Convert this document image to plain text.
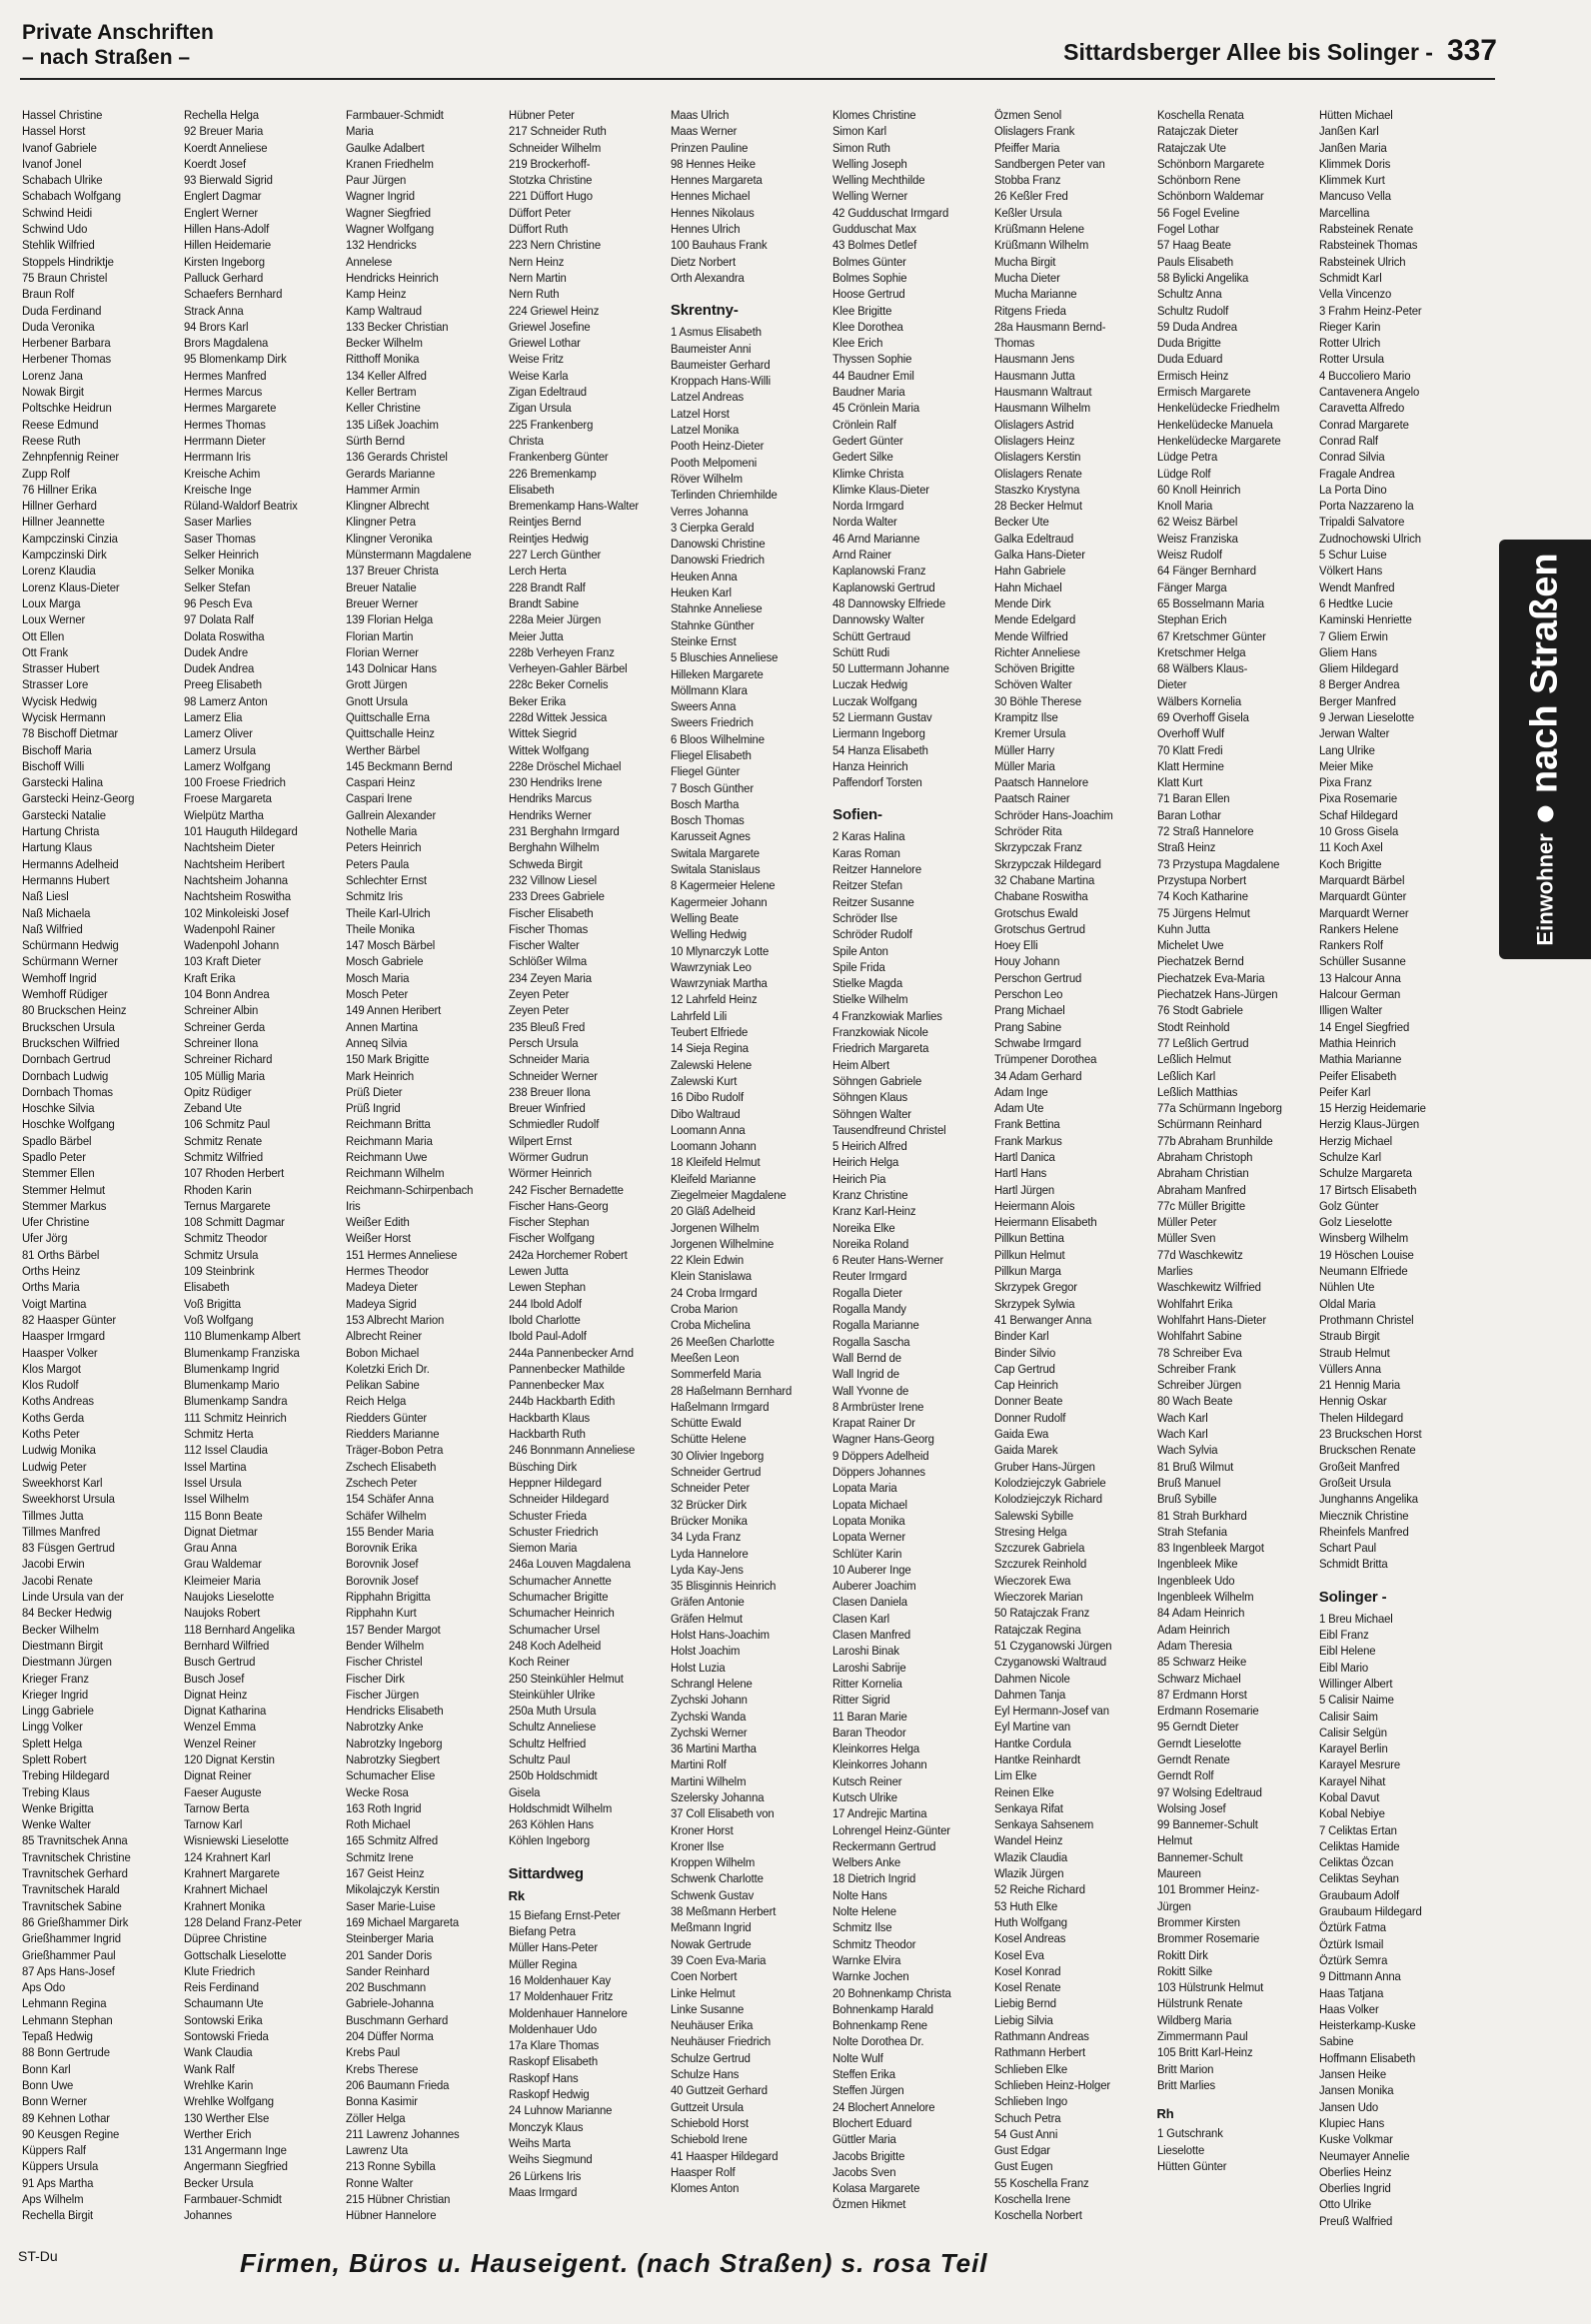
Private Anschriften
– nach Straßen –	Sittardsberger Allee bis Solinger - 337
Hassel Christine
Hassel Horst
Ivanof Gabriele
Ivanof Jonel
Schabach Ulrike
Schabach Wolfgang
Schwind Heidi
Schwind Udo
Stehlik Wilfried
Stoppels Hindriktje
75 Braun Christel
Braun Rolf
Duda Ferdinand
Duda Veronika
Herbener Barbara
Herbener Thomas
Lorenz Jana
Nowak Birgit
Poltschke Heidrun
Reese Edmund
Reese Ruth
Zehnpfennig Reiner
Zupp Rolf
76 Hillner Erika
Hillner Gerhard
Hillner Jeannette
Kampczinski Cinzia
Kampczinski Dirk
Lorenz Klaudia
Lorenz Klaus-Dieter
Loux Marga
Loux Werner
Ott Ellen
Ott Frank
Strasser Hubert
Strasser Lore
Wycisk Hedwig
Wycisk Hermann
78 Bischoff Dietmar
Bischoff Maria
Bischoff Willi
Garstecki Halina
Garstecki Heinz-Georg
Garstecki Natalie
Hartung Christa
Hartung Klaus
Hermanns Adelheid
Hermanns Hubert
Naß Liesl
Naß Michaela
Naß Wilfried
Schürmann Hedwig
Schürmann Werner
Wemhoff Ingrid
Wemhoff Rüdiger
80 Bruckschen Heinz
Bruckschen Ursula
Bruckschen Wilfried
Dornbach Gertrud
Dornbach Ludwig
Dornbach Thomas
Hoschke Silvia
Hoschke Wolfgang
Spadlo Bärbel
Spadlo Peter
Stemmer Ellen
Stemmer Helmut
Stemmer Markus
Ufer Christine
Ufer Jörg
81 Orths Bärbel
Orths Heinz
Orths Maria
Voigt Martina
82 Haasper Günter
Haasper Irmgard
Haasper Volker
Klos Margot
Klos Rudolf
Koths Andreas
Koths Gerda
Koths Peter
Ludwig Monika
Ludwig Peter
Sweekhorst Karl
Sweekhorst Ursula
Tillmes Jutta
Tillmes Manfred
83 Füsgen Gertrud
Jacobi Erwin
Jacobi Renate
Linde Ursula van der
84 Becker Hedwig
Becker Wilhelm
Diestmann Birgit
Diestmann Jürgen
Krieger Franz
Krieger Ingrid
Lingg Gabriele
Lingg Volker
Splett Helga
Splett Robert
Trebing Hildegard
Trebing Klaus
Wenke Brigitta
Wenke Walter
85 Travnitschek Anna
Travnitschek Christine
Travnitschek Gerhard
Travnitschek Harald
Travnitschek Sabine
86 Grießhammer Dirk
Grießhammer Ingrid
Grießhammer Paul
87 Aps Hans-Josef
Aps Odo
Lehmann Regina
Lehmann Stephan
Tepaß Hedwig
88 Bonn Gertrude
Bonn Karl
Bonn Uwe
Bonn Werner
89 Kehnen Lothar
90 Keusgen Regine
Küppers Ralf
Küppers Ursula
91 Aps Martha
Aps Wilhelm
Rechella Birgit
Rechella Helga
92 Breuer Maria
Koerdt Anneliese
Koerdt Josef
93 Bierwald Sigrid
Englert Dagmar
Englert Werner
Hillen Hans-Adolf
Hillen Heidemarie
Kirsten Ingeborg
Palluck Gerhard
Schaefers Bernhard
Strack Anna
94 Brors Karl
Brors Magdalena
95 Blomenkamp Dirk
Hermes Manfred
Hermes Marcus
Hermes Margarete
Hermes Thomas
Herrmann Dieter
Herrmann Iris
Kreische Achim
Kreische Inge
Rüland-Waldorf Beatrix
Saser Marlies
Saser Thomas
Selker Heinrich
Selker Monika
Selker Stefan
96 Pesch Eva
97 Dolata Ralf
Dolata Roswitha
Dudek Andre
Dudek Andrea
Preeg Elisabeth
98 Lamerz Anton
Lamerz Elia
Lamerz Oliver
Lamerz Ursula
Lamerz Wolfgang
100 Froese Friedrich
Froese Margareta
Wielpütz Martha
101 Hauguth Hildegard
Nachtsheim Dieter
Nachtsheim Heribert
Nachtsheim Johanna
Nachtsheim Roswitha
102 Minkoleiski Josef
Wadenpohl Rainer
Wadenpohl Johann
103 Kraft Dieter
Kraft Erika
104 Bonn Andrea
Schreiner Albin
Schreiner Gerda
Schreiner Ilona
Schreiner Richard
105 Müllig Maria
Opitz Rüdiger
Zeband Ute
106 Schmitz Paul
Schmitz Renate
Schmitz Wilfried
107 Rhoden Herbert
Rhoden Karin
Ternus Margarete
108 Schmitt Dagmar
Schmitz Theodor
Schmitz Ursula
109 Steinbrink
Elisabeth
Voß Brigitta
Voß Wolfgang
110 Blumenkamp Albert
Blumenkamp Franziska
Blumenkamp Ingrid
Blumenkamp Mario
Blumenkamp Sandra
111 Schmitz Heinrich
Schmitz Herta
112 Issel Claudia
Issel Martina
Issel Ursula
Issel Wilhelm
115 Bonn Beate
Dignat Dietmar
Grau Anna
Grau Waldemar
Kleimeier Maria
Naujoks Lieselotte
Naujoks Robert
118 Bernhard Angelika
Bernhard Wilfried
Busch Gertrud
Busch Josef
Dignat Heinz
Dignat Katharina
Wenzel Emma
Wenzel Reiner
120 Dignat Kerstin
Dignat Reiner
Faeser Auguste
Tarnow Berta
Tarnow Karl
Wisniewski Lieselotte
124 Krahnert Karl
Krahnert Margarete
Krahnert Michael
Krahnert Monika
128 Deland Franz-Peter
Düpree Christine
Gottschalk Lieselotte
Klute Friedrich
Reis Ferdinand
Schaumann Ute
Sontowski Erika
Sontowski Frieda
Wank Claudia
Wank Ralf
Wrehlke Karin
Wrehlke Wolfgang
130 Werther Else
Werther Erich
131 Angermann Inge
Angermann Siegfried
Becker Ursula
Farmbauer-Schmidt
Johannes
Farmbauer-Schmidt
Maria
Gaulke Adalbert
Kranen Friedhelm
Paur Jürgen
Wagner Ingrid
Wagner Siegfried
Wagner Wolfgang
132 Hendricks
Annelese
Hendricks Heinrich
Kamp Heinz
Kamp Waltraud
133 Becker Christian
Becker Wilhelm
Ritthoff Monika
134 Keller Alfred
Keller Bertram
Keller Christine
135 Lißek Joachim
Sürth Bernd
136 Gerards Christel
Gerards Marianne
Hammer Armin
Klingner Albrecht
Klingner Petra
Klingner Veronika
Münstermann Magdalene
137 Breuer Christa
Breuer Natalie
Breuer Werner
139 Florian Helga
Florian Martin
Florian Werner
143 Dolnicar Hans
Grott Jürgen
Gnott Ursula
Quittschalle Erna
Quittschalle Heinz
Werther Bärbel
145 Beckmann Bernd
Caspari Heinz
Caspari Irene
Gallrein Alexander
Nothelle Maria
Peters Heinrich
Peters Paula
Schlechter Ernst
Schmitz Iris
Theile Karl-Ulrich
Theile Monika
147 Mosch Bärbel
Mosch Gabriele
Mosch Maria
Mosch Peter
149 Annen Heribert
Annen Martina
Anneq Silvia
150 Mark Brigitte
Mark Heinrich
Prüß Dieter
Prüß Ingrid
Reichmann Britta
Reichmann Maria
Reichmann Uwe
Reichmann Wilhelm
Reichmann-Schirpenbach
Iris
Weißer Edith
Weißer Horst
151 Hermes Anneliese
Hermes Theodor
Madeya Dieter
Madeya Sigrid
153 Albrecht Marion
Albrecht Reiner
Bobon Michael
Koletzki Erich Dr.
Pelikan Sabine
Reich Helga
Riedders Günter
Riedders Marianne
Träger-Bobon Petra
Zschech Elisabeth
Zschech Peter
154 Schäfer Anna
Schäfer Wilhelm
155 Bender Maria
Borovnik Erika
Borovnik Josef
Borovnik Josef
Ripphahn Brigitta
Ripphahn Kurt
157 Bender Margot
Bender Wilhelm
Fischer Christel
Fischer Dirk
Fischer Jürgen
Hendricks Elisabeth
Nabrotzky Anke
Nabrotzky Ingeborg
Nabrotzky Siegbert
Schumacher Elise
Wecke Rosa
163 Roth Ingrid
Roth Michael
165 Schmitz Alfred
Schmitz Irene
167 Geist Heinz
Mikolajczyk Kerstin
Saser Marie-Luise
169 Michael Margareta
Steinberger Maria
201 Sander Doris
Sander Reinhard
202 Buschmann
Gabriele-Johanna
Buschmann Gerhard
204 Düffer Norma
Krebs Paul
Krebs Therese
206 Baumann Frieda
Bonna Kasimir
Zöller Helga
211 Lawrenz Johannes
Lawrenz Uta
213 Ronne Sybilla
Ronne Walter
215 Hübner Christian
Hübner Hannelore
Hübner Peter
217 Schneider Ruth
Schneider Wilhelm
219 Brockerhoff-
Stotzka Christine
221 Düffort Hugo
Düffort Peter
Düffort Ruth
223 Nern Christine
Nern Heinz
Nern Martin
Nern Ruth
224 Griewel Heinz
Griewel Josefine
Griewel Lothar
Weise Fritz
Weise Karla
Zigan Edeltraud
Zigan Ursula
225 Frankenberg
Christa
Frankenberg Günter
226 Bremenkamp
Elisabeth
Bremenkamp Hans-Walter
Reintjes Bernd
Reintjes Hedwig
227 Lerch Günther
Lerch Herta
228 Brandt Ralf
Brandt Sabine
228a Meier Jürgen
Meier Jutta
228b Verheyen Franz
Verheyen-Gahler Bärbel
228c Beker Cornelis
Beker Erika
228d Wittek Jessica
Wittek Siegrid
Wittek Wolfgang
228e Dröschel Michael
230 Hendriks Irene
Hendriks Marcus
Hendriks Werner
231 Berghahn Irmgard
Berghahn Wilhelm
Schweda Birgit
232 Villnow Liesel
233 Drees Gabriele
Fischer Elisabeth
Fischer Thomas
Fischer Walter
Schlößer Wilma
234 Zeyen Maria
Zeyen Peter
Zeyen Peter
235 Bleuß Fred
Persch Ursula
Schneider Maria
Schneider Werner
238 Breuer Ilona
Breuer Winfried
Schmiedler Rudolf
Wilpert Ernst
Wörmer Gudrun
Wörmer Heinrich
242 Fischer Bernadette
Fischer Hans-Georg
Fischer Stephan
Fischer Wolfgang
242a Horchemer Robert
Lewen Jutta
Lewen Stephan
244 Ibold Adolf
Ibold Charlotte
Ibold Paul-Adolf
244a Pannenbecker Arnd
Pannenbecker Mathilde
Pannenbecker Max
244b Hackbarth Edith
Hackbarth Klaus
Hackbarth Ruth
246 Bonnmann Anneliese
Büsching Dirk
Heppner Hildegard
Schneider Hildegard
Schuster Frieda
Schuster Friedrich
Siemon Maria
246a Louven Magdalena
Schumacher Annette
Schumacher Brigitte
Schumacher Heinrich
Schumacher Ursel
248 Koch Adelheid
Koch Reiner
250 Steinkühler Helmut
Steinkühler Ulrike
250a Muth Ursula
Schultz Anneliese
Schultz Helfried
Schultz Paul
250b Holdschmidt
Gisela
Holdschmidt Wilhelm
263 Köhlen Hans
Köhlen Ingeborg
Sittardweg
Rk
15 Biefang Ernst-Peter
Biefang Petra
Müller Hans-Peter
Müller Regina
16 Moldenhauer Kay
17 Moldenhauer Fritz
Moldenhauer Hannelore
Moldenhauer Udo
17a Klare Thomas
Raskopf Elisabeth
Raskopf Hans
Raskopf Hedwig
24 Luhnow Marianne
Monczyk Klaus
Weihs Marta
Weihs Siegmund
26 Lürkens Iris
Maas Irmgard
Maas Ulrich
Maas Werner
Prinzen Pauline
98 Hennes Heike
Hennes Margareta
Hennes Michael
Hennes Nikolaus
Hennes Ulrich
100 Bauhaus Frank
Dietz Norbert
Orth Alexandra
Skrentny-
1 Asmus Elisabeth
Baumeister Anni
Baumeister Gerhard
Kroppach Hans-Willi
Latzel Andreas
Latzel Horst
Latzel Monika
Pooth Heinz-Dieter
Pooth Melpomeni
Röver Wilhelm
Terlinden Chriemhilde
Verres Johanna
3 Cierpka Gerald
Danowski Christine
Danowski Friedrich
Heuken Anna
Heuken Karl
Stahnke Anneliese
Stahnke Günther
Steinke Ernst
5 Bluschies Anneliese
Hilleken Margarete
Möllmann Klara
Sweers Anna
Sweers Friedrich
6 Bloos Wilhelmine
Fliegel Elisabeth
Fliegel Günter
7 Bosch Günther
Bosch Martha
Bosch Thomas
Karusseit Agnes
Switala Margarete
Switala Stanislaus
8 Kagermeier Helene
Kagermeier Johann
Welling Beate
Welling Hedwig
10 Mlynarczyk Lotte
Wawrzyniak Leo
Wawrzyniak Martha
12 Lahrfeld Heinz
Lahrfeld Lili
Teubert Elfriede
14 Sieja Regina
Zalewski Helene
Zalewski Kurt
16 Dibo Rudolf
Dibo Waltraud
Loomann Anna
Loomann Johann
18 Kleifeld Helmut
Kleifeld Marianne
Ziegelmeier Magdalene
20 Gläß Adelheid
Jorgenen Wilhelm
Jorgenen Wilhelmine
22 Klein Edwin
Klein Stanislawa
24 Croba Irmgard
Croba Marion
Croba Michelina
26 Meeßen Charlotte
Meeßen Leon
Sommerfeld Maria
28 Haßelmann Bernhard
Haßelmann Irmgard
Schütte Ewald
Schütte Helene
30 Olivier Ingeborg
Schneider Gertrud
Schneider Peter
32 Brücker Dirk
Brücker Monika
34 Lyda Franz
Lyda Hannelore
Lyda Kay-Jens
35 Blisginnis Heinrich
Gräfen Antonie
Gräfen Helmut
Holst Hans-Joachim
Holst Joachim
Holst Luzia
Schrangl Helene
Zychski Johann
Zychski Wanda
Zychski Werner
36 Martini Martha
Martini Rolf
Martini Wilhelm
Szelersky Johanna
37 Coll Elisabeth von
Kroner Horst
Kroner Ilse
Kroppen Wilhelm
Schwenk Charlotte
Schwenk Gustav
38 Meßmann Herbert
Meßmann Ingrid
Nowak Gertrude
39 Coen Eva-Maria
Coen Norbert
Linke Helmut
Linke Susanne
Neuhäuser Erika
Neuhäuser Friedrich
Schulze Gertrud
Schulze Hans
40 Guttzeit Gerhard
Guttzeit Ursula
Schiebold Horst
Schiebold Irene
41 Haasper Hildegard
Haasper Rolf
Klomes Anton
Klomes Christine
Simon Karl
Simon Ruth
Welling Joseph
Welling Mechthilde
Welling Werner
42 Gudduschat Irmgard
Gudduschat Max
43 Bolmes Detlef
Bolmes Günter
Bolmes Sophie
Hoose Gertrud
Klee Brigitte
Klee Dorothea
Klee Erich
Thyssen Sophie
44 Baudner Emil
Baudner Maria
45 Crönlein Maria
Crönlein Ralf
Gedert Günter
Gedert Silke
Klimke Christa
Klimke Klaus-Dieter
Norda Irmgard
Norda Walter
46 Arnd Marianne
Arnd Rainer
Kaplanowski Franz
Kaplanowski Gertrud
48 Dannowsky Elfriede
Dannowsky Walter
Schütt Gertraud
Schütt Rudi
50 Luttermann Johanne
Luczak Hedwig
Luczak Wolfgang
52 Liermann Gustav
Liermann Ingeborg
54 Hanza Elisabeth
Hanza Heinrich
Paffendorf Torsten
Sofien-
2 Karas Halina
Karas Roman
Reitzer Hannelore
Reitzer Stefan
Reitzer Susanne
Schröder Ilse
Schröder Rudolf
Spile Anton
Spile Frida
Stielke Magda
Stielke Wilhelm
4 Franzkowiak Marlies
Franzkowiak Nicole
Friedrich Margareta
Heim Albert
Söhngen Gabriele
Söhngen Klaus
Söhngen Walter
Tausendfreund Christel
5 Heirich Alfred
Heirich Helga
Heirich Pia
Kranz Christine
Kranz Karl-Heinz
Noreika Elke
Noreika Roland
6 Reuter Hans-Werner
Reuter Irmgard
Rogalla Dieter
Rogalla Mandy
Rogalla Marianne
Rogalla Sascha
Wall Bernd de
Wall Ingrid de
Wall Yvonne de
8 Armbrüster Irene
Krapat Rainer Dr
Wagner Hans-Georg
9 Döppers Adelheid
Döppers Johannes
Lopata Maria
Lopata Michael
Lopata Monika
Lopata Werner
Schlüter Karin
10 Auberer Inge
Auberer Joachim
Clasen Daniela
Clasen Karl
Clasen Manfred
Laroshi Binak
Laroshi Sabrije
Ritter Kornelia
Ritter Sigrid
11 Baran Marie
Baran Theodor
Kleinkorres Helga
Kleinkorres Johann
Kutsch Reiner
Kutsch Ulrike
17 Andrejic Martina
Lohrengel Heinz-Günter
Reckermann Gertrud
Welbers Anke
18 Dietrich Ingrid
Nolte Hans
Nolte Helene
Schmitz Ilse
Schmitz Theodor
Warnke Elvira
Warnke Jochen
20 Bohnenkamp Christa
Bohnenkamp Harald
Bohnenkamp Rene
Nolte Dorothea Dr.
Nolte Wulf
Steffen Erika
Steffen Jürgen
24 Blochert Annelore
Blochert Eduard
Güttler Maria
Jacobs Brigitte
Jacobs Sven
Kolasa Margarete
Özmen Hikmet
Özmen Senol
Olislagers Frank
Pfeiffer Maria
Sandbergen Peter van
Stobba Franz
26 Keßler Fred
Keßler Ursula
Krüßmann Helene
Krüßmann Wilhelm
Mucha Birgit
Mucha Dieter
Mucha Marianne
Ritgens Frieda
28a Hausmann Bernd-
Thomas
Hausmann Jens
Hausmann Jutta
Hausmann Waltraut
Hausmann Wilhelm
Olislagers Astrid
Olislagers Heinz
Olislagers Kerstin
Olislagers Renate
Staszko Krystyna
28 Becker Helmut
Becker Ute
Galka Edeltraud
Galka Hans-Dieter
Hahn Gabriele
Hahn Michael
Mende Dirk
Mende Edelgard
Mende Wilfried
Richter Anneliese
Schöven Brigitte
Schöven Walter
30 Böhle Therese
Krampitz Ilse
Kremer Ursula
Müller Harry
Müller Maria
Paatsch Hannelore
Paatsch Rainer
Schröder Hans-Joachim
Schröder Rita
Skrzypczak Franz
Skrzypczak Hildegard
32 Chabane Martina
Chabane Roswitha
Grotschus Ewald
Grotschus Gertrud
Hoey Elli
Houy Johann
Perschon Gertrud
Perschon Leo
Prang Michael
Prang Sabine
Schwabe Irmgard
Trümpener Dorothea
34 Adam Gerhard
Adam Inge
Adam Ute
Frank Bettina
Frank Markus
Hartl Danica
Hartl Hans
Hartl Jürgen
Heiermann Alois
Heiermann Elisabeth
Pillkun Bettina
Pillkun Helmut
Pillkun Marga
Skrzypek Gregor
Skrzypek Sylwia
41 Berwanger Anna
Binder Karl
Binder Silvio
Cap Gertrud
Cap Heinrich
Donner Beate
Donner Rudolf
Gaida Ewa
Gaida Marek
Gruber Hans-Jürgen
Kolodziejczyk Gabriele
Kolodziejczyk Richard
Salewski Sybille
Stresing Helga
Szczurek Gabriela
Szczurek Reinhold
Wieczorek Ewa
Wieczorek Marian
50 Ratajczak Franz
Ratajczak Regina
51 Czyganowski Jürgen
Czyganowski Waltraud
Dahmen Nicole
Dahmen Tanja
Eyl Hermann-Josef van
Eyl Martine van
Hantke Cordula
Hantke Reinhardt
Lim Elke
Reinen Elke
Senkaya Rifat
Senkaya Sahsenem
Wandel Heinz
Wlazik Claudia
Wlazik Jürgen
52 Reiche Richard
53 Huth Elke
Huth Wolfgang
Kosel Andreas
Kosel Eva
Kosel Konrad
Kosel Renate
Liebig Bernd
Liebig Silvia
Rathmann Andreas
Rathmann Herbert
Schlieben Elke
Schlieben Heinz-Holger
Schlieben Ingo
Schuch Petra
54 Gust Anni
Gust Edgar
Gust Eugen
55 Koschella Franz
Koschella Irene
Koschella Norbert
Koschella Renata
Ratajczak Dieter
Ratajczak Ute
Schönborn Margarete
Schönborn Rene
Schönborn Waldemar
56 Fogel Eveline
Fogel Lothar
57 Haag Beate
Pauls Elisabeth
58 Bylicki Angelika
Schultz Anna
Schultz Rudolf
59 Duda Andrea
Duda Brigitte
Duda Eduard
Ermisch Heinz
Ermisch Margarete
Henkelüdecke Friedhelm
Henkelüdecke Manuela
Henkelüdecke Margarete
Lüdge Petra
Lüdge Rolf
60 Knoll Heinrich
Knoll Maria
62 Weisz Bärbel
Weisz Franziska
Weisz Rudolf
64 Fänger Bernhard
Fänger Marga
65 Bosselmann Maria
Stephan Erich
67 Kretschmer Günter
Kretschmer Helga
68 Wälbers Klaus-
Dieter
Wälbers Kornelia
69 Overhoff Gisela
Overhoff Wulf
70 Klatt Fredi
Klatt Hermine
Klatt Kurt
71 Baran Ellen
Baran Lothar
72 Straß Hannelore
Straß Heinz
73 Przystupa Magdalene
Przystupa Norbert
74 Koch Katharine
75 Jürgens Helmut
Kuhn Jutta
Michelet Uwe
Piechatzek Bernd
Piechatzek Eva-Maria
Piechatzek Hans-Jürgen
76 Stodt Gabriele
Stodt Reinhold
77 Leßlich Gertrud
Leßlich Helmut
Leßlich Karl
Leßlich Matthias
77a Schürmann Ingeborg
Schürmann Reinhard
77b Abraham Brunhilde
Abraham Christoph
Abraham Christian
Abraham Manfred
77c Müller Brigitte
Müller Peter
Müller Sven
77d Waschkewitz
Marlies
Waschkewitz Wilfried
Wohlfahrt Erika
Wohlfahrt Hans-Dieter
Wohlfahrt Sabine
78 Schreiber Eva
Schreiber Frank
Schreiber Jürgen
80 Wach Beate
Wach Karl
Wach Karl
Wach Sylvia
81 Bruß Wilmut
Bruß Manuel
Bruß Sybille
81 Strah Burkhard
Strah Stefania
83 Ingenbleek Margot
Ingenbleek Mike
Ingenbleek Udo
Ingenbleek Wilhelm
84 Adam Heinrich
Adam Heinrich
Adam Theresia
85 Schwarz Heike
Schwarz Michael
87 Erdmann Horst
Erdmann Rosemarie
95 Gerndt Dieter
Gerndt Lieselotte
Gerndt Renate
Gerndt Rolf
97 Wolsing Edeltraud
Wolsing Josef
99 Bannemer-Schult
Helmut
Bannemer-Schult
Maureen
101 Brommer Heinz-
Jürgen
Brommer Kirsten
Brommer Rosemarie
Rokitt Dirk
Rokitt Silke
103 Hülstrunk Helmut
Hülstrunk Renate
Wildberg Maria
Zimmermann Paul
105 Britt Karl-Heinz
Britt Marion
Britt Marlies
Rh
1 Gutschrank
Lieselotte
Hütten Günter
Hütten Michael
Janßen Karl
Janßen Maria
Klimmek Doris
Klimmek Kurt
Mancuso Vella
Marcellina
Rabsteinek Renate
Rabsteinek Thomas
Rabsteinek Ulrich
Schmidt Karl
Vella Vincenzo
3 Frahm Heinz-Peter
Rieger Karin
Rotter Ulrich
Rotter Ursula
4 Buccoliero Mario
Cantavenera Angelo
Caravetta Alfredo
Conrad Margarete
Conrad Ralf
Conrad Silvia
Fragale Andrea
La Porta Dino
Porta Nazzareno la
Tripaldi Salvatore
Zudnochowski Ulrich
5 Schur Luise
Völkert Hans
Wendt Manfred
6 Hedtke Lucie
Kaminski Henriette
7 Gliem Erwin
Gliem Hans
Gliem Hildegard
8 Berger Andrea
Berger Manfred
9 Jerwan Lieselotte
Jerwan Walter
Lang Ulrike
Meier Mike
Pixa Franz
Pixa Rosemarie
Schaf Hildegard
10 Gross Gisela
11 Koch Axel
Koch Brigitte
Marquardt Bärbel
Marquardt Günter
Marquardt Werner
Rankers Helene
Rankers Rolf
Schüller Susanne
13 Halcour Anna
Halcour German
Illigen Walter
14 Engel Siegfried
Mathia Heinrich
Mathia Marianne
Peifer Elisabeth
Peifer Karl
15 Herzig Heidemarie
Herzig Klaus-Jürgen
Herzig Michael
Schulze Karl
Schulze Margareta
17 Birtsch Elisabeth
Golz Günter
Golz Lieselotte
Winsberg Wilhelm
19 Höschen Louise
Neumann Elfriede
Nühlen Ute
Oldal Maria
Prothmann Christel
Straub Birgit
Straub Helmut
Vüllers Anna
21 Hennig Maria
Hennig Oskar
Thelen Hildegard
23 Bruckschen Horst
Bruckschen Renate
Großeit Manfred
Großeit Ursula
Junghanns Angelika
Miecznik Christine
Rheinfels Manfred
Schart Paul
Schmidt Britta
Solinger -
1 Breu Michael
Eibl Franz
Eibl Helene
Eibl Mario
Willinger Albert
5 Calisir Naime
Calisir Saim
Calisir Selgün
Karayel Berlin
Karayel Mesrure
Karayel Nihat
Kobal Davut
Kobal Nebiye
7 Celiktas Ertan
Celiktas Hamide
Celiktas Özcan
Celiktas Seyhan
Graubaum Adolf
Graubaum Hildegard
Öztürk Fatma
Öztürk Ismail
Öztürk Semra
9 Dittmann Anna
Haas Tatjana
Haas Volker
Heisterkamp-Kuske
Sabine
Hoffmann Elisabeth
Jansen Heike
Jansen Monika
Jansen Udo
Klupiec Hans
Kuske Volkmar
Neumayer Annelie
Oberlies Heinz
Oberlies Ingrid
Otto Ulrike
Preuß Walfried
Einwohner
nach Straßen
ST-Du	Firmen, Büros u. Hauseigent. (nach Straßen) s. rosa Teil
